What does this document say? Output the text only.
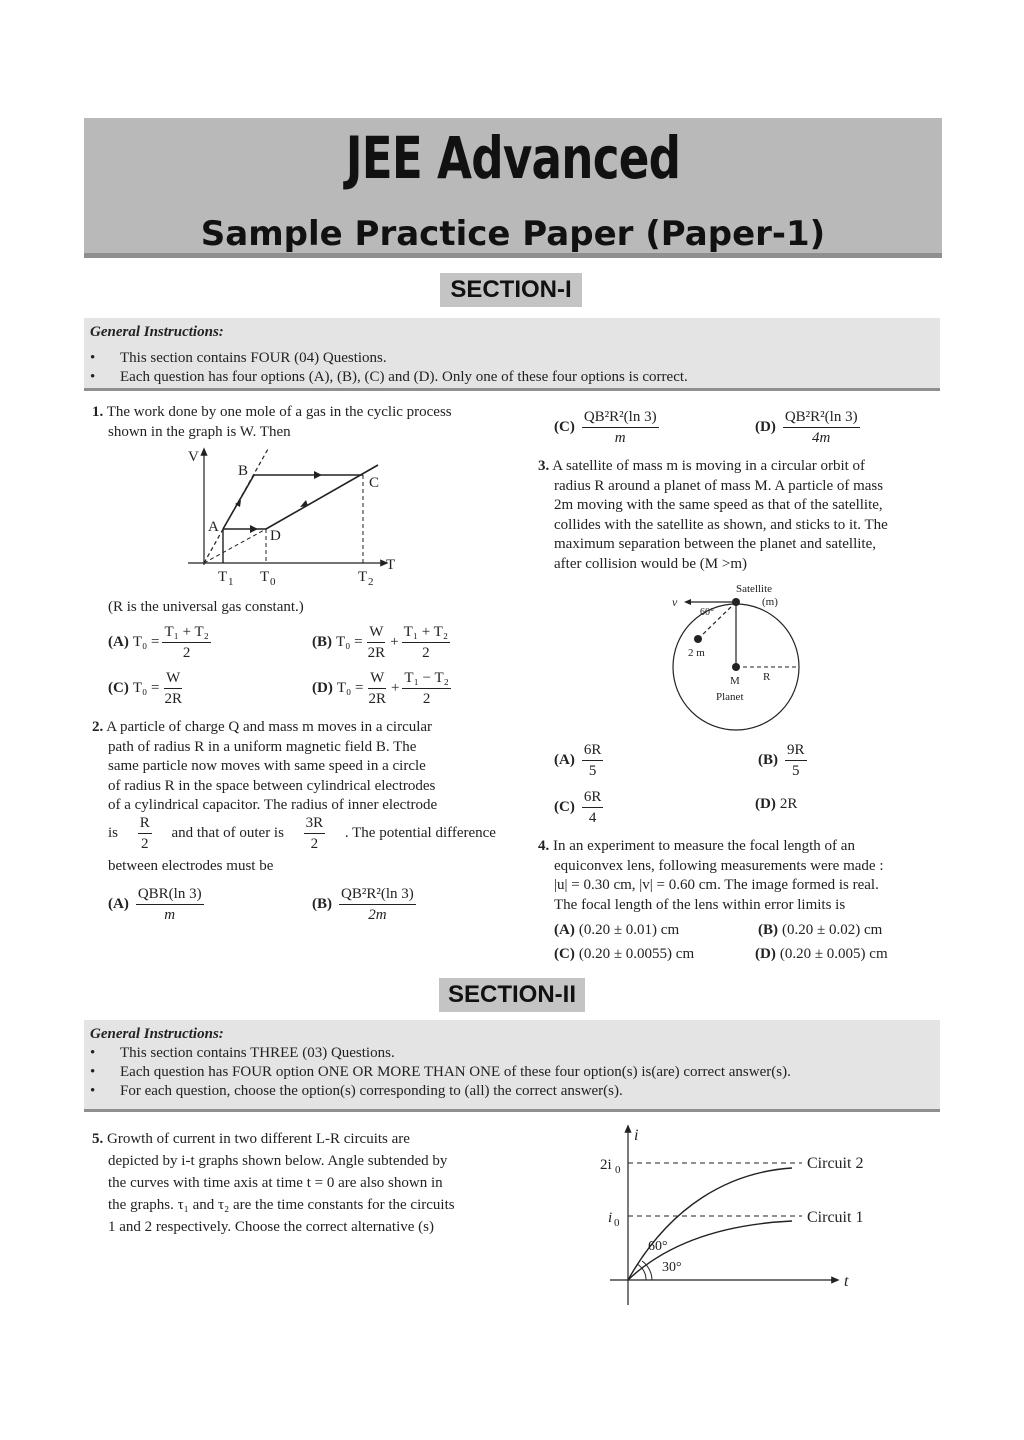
JEE Advanced
Sample Practice Paper (Paper-1)
SECTION-I
General Instructions:
• This section contains FOUR (04) Questions.
• Each question has four options (A), (B), (C) and (D). Only one of these four options is correct.
1. The work done by one mole of a gas in the cyclic process
shown in the graph is W. Then
V
T
B
C
A
D
T 1 T 0	T 2
(R is the universal gas constant.)
(A) $T_0 = \frac{\text{T₁ + T₂}}{2}$	(B) $T_0 = \frac{W}{2R} + \frac{\text{T₁ + T₂}}{2}$
(C) $T_0 = \frac{W}{2R}$	(D) $T_0 = \frac{W}{2R} + \frac{\text{T₁ − T₂}}{2}$
2. A particle of charge Q and mass m moves in a circular
path of radius R in a uniform magnetic field B. The
same particle now moves with same speed in a circle
of radius R in the space between cylindrical electrodes
of a cylindrical capacitor. The radius of inner electrode
is $\frac{R}{2}$ and that of outer is $\frac{3R}{2}$ . The potential difference
between electrodes must be
$(A) \frac{\text{QBR(ln 3)}}{m}$	$(B) \frac{\text{QB²R²(ln 3)}}{2m}$
$(C) \frac{\text{QB²R²(ln 3)}}{m}$	$(D) \frac{\text{QB²R²(ln 3)}}{4m}$
3. A satellite of mass m is moving in a circular orbit of
radius R around a planet of mass M. A particle of mass
2m moving with the same speed as that of the satellite,
collides with the satellite as shown, and sticks to it. The
maximum separation between the planet and satellite,
after collision would be (M >m)
Satellite
(m)
v
60°
2 m
M
Planet
R
$(A) \frac{6R}{5}$	$(B) \frac{9R}{5}$
$(C) \frac{6R}{4}$	(D) 2R
4. In an experiment to measure the focal length of an
equiconvex lens, following measurements were made :
|u| = 0.30 cm, |v| = 0.60 cm. The image formed is real.
The focal length of the lens within error limits is
(A) (0.20 ± 0.01) cm	(B) (0.20 ± 0.02) cm
(C) (0.20 ± 0.0055) cm	(D) (0.20 ± 0.005) cm
SECTION-II
General Instructions:
• This section contains THREE (03) Questions.
• Each question has FOUR option ONE OR MORE THAN ONE of these four option(s) is(are) correct answer(s).
• For each question, choose the option(s) corresponding to (all) the correct answer(s).
5. Growth of current in two different L-R circuits are
depicted by i-t graphs shown below. Angle subtended by
the curves with time axis at time t = 0 are also shown in
the graphs. τ₁ and τ₂ are the time constants for the circuits
1 and 2 respectively. Choose the correct alternative (s)
i
t
2i 0
i 0
Circuit 2
Circuit 1
60°
30°
